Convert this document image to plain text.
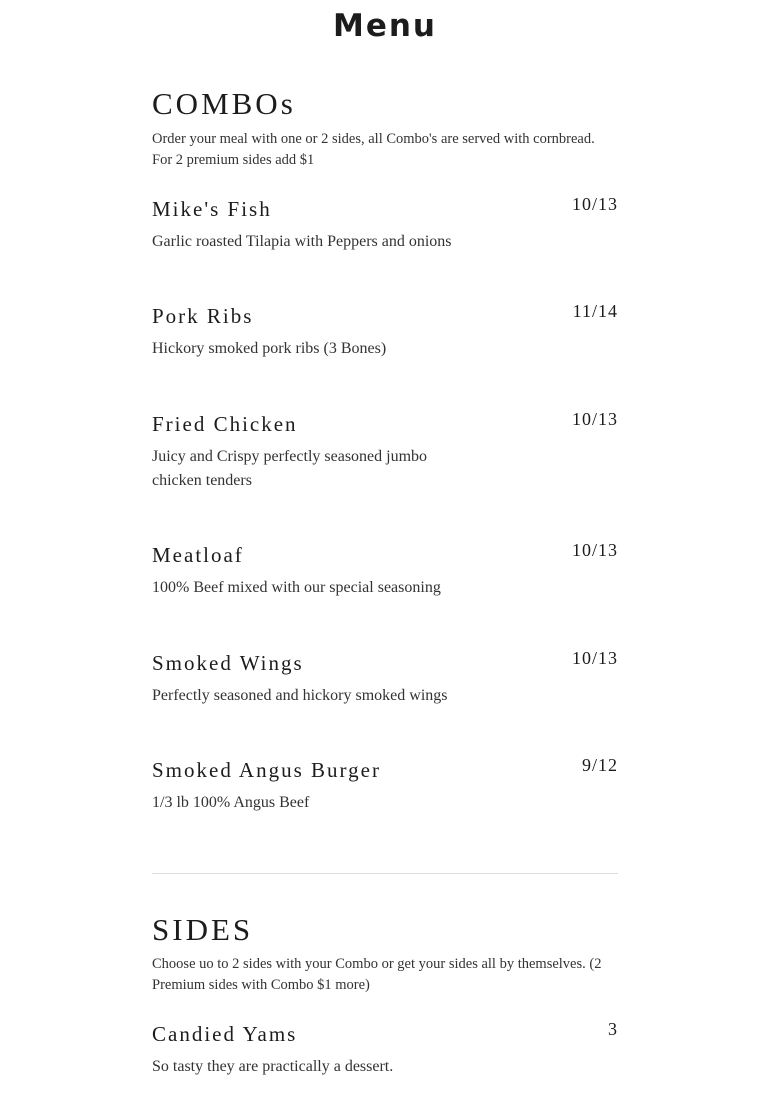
Menu
COMBOs

Order your meal with one or 2 sides, all Combo's are served with cornbread. For 2 premium sides add $1

Mike's Fish	10/13
Garlic roasted Tilapia with Peppers and onions
Pork Ribs	11/14
Hickory smoked pork ribs (3 Bones)
Fried Chicken	10/13
Juicy and Crispy perfectly seasoned jumbo chicken tenders
Meatloaf	10/13
100% Beef mixed with our special seasoning
Smoked Wings	10/13
Perfectly seasoned and hickory smoked wings
Smoked Angus Burger	9/12
1/3 lb 100% Angus Beef
SIDES

Choose uo to 2 sides with your Combo or get your sides all by themselves. (2 Premium sides with Combo $1 more)

Candied Yams	3
So tasty they are practically a dessert.
